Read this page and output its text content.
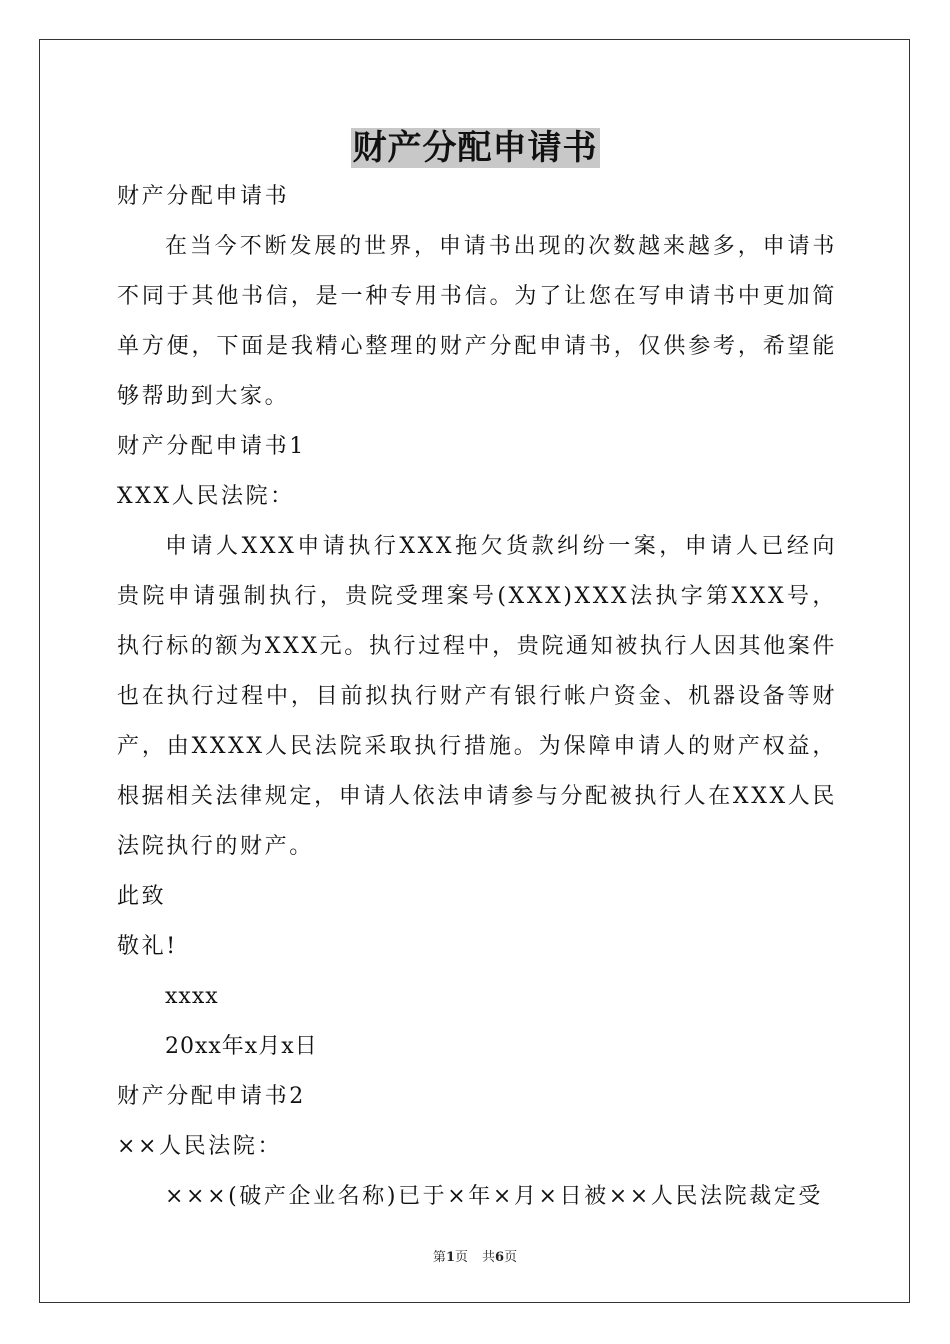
财产分配申请书

财产分配申请书

在当今不断发展的世界，申请书出现的次数越来越多，申请书不同于其他书信，是一种专用书信。为了让您在写申请书中更加简单方便，下面是我精心整理的财产分配申请书，仅供参考，希望能够帮助到大家。

财产分配申请书1

XXX人民法院：

申请人XXX申请执行XXX拖欠货款纠纷一案，申请人已经向贵院申请强制执行，贵院受理案号(XXX)XXX法执字第XXX号，执行标的额为XXX元。执行过程中，贵院通知被执行人因其他案件也在执行过程中，目前拟执行财产有银行帐户资金、机器设备等财产，由XXXX人民法院采取执行措施。为保障申请人的财产权益，根据相关法律规定，申请人依法申请参与分配被执行人在XXX人民法院执行的财产。

此致

敬礼!

xxxx

20xx年x月x日

财产分配申请书2

××人民法院：

×××(破产企业名称)已于×年×月×日被××人民法院裁定受

第1页 共6页
